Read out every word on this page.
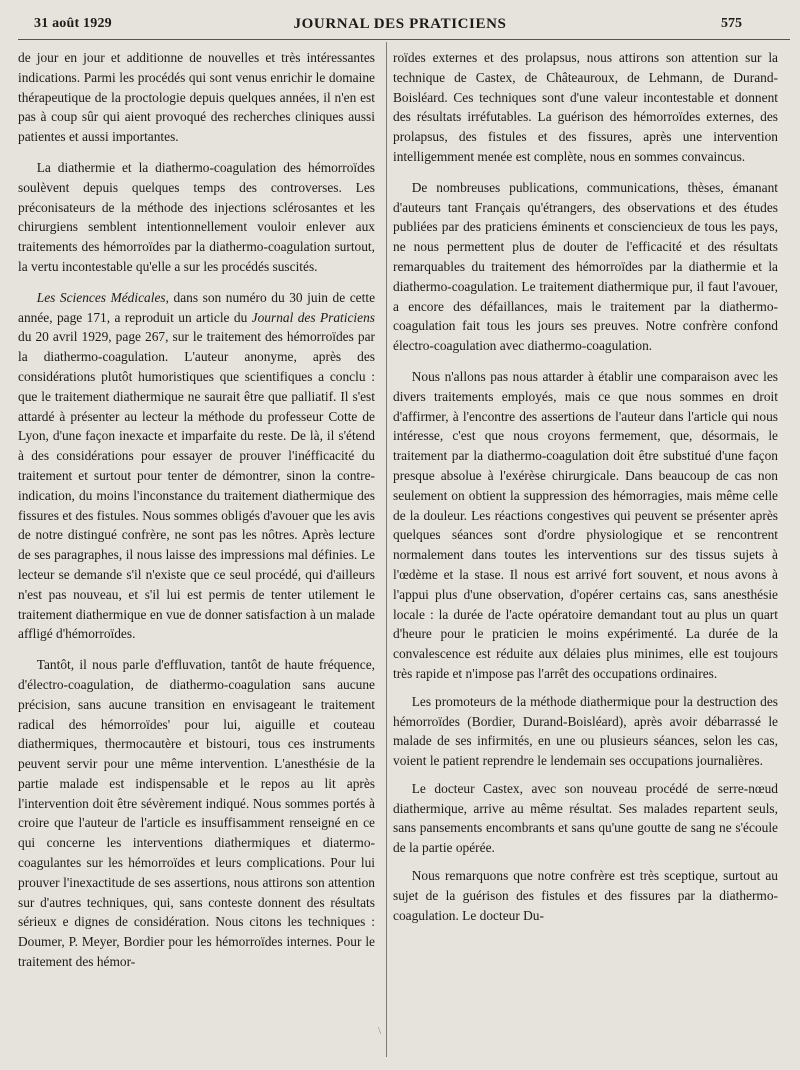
31 août 1929	JOURNAL DES PRATICIENS	575

de jour en jour et additionne de nouvelles et très intéressantes indications. Parmi les procédés qui sont venus enrichir le domaine thérapeutique de la proctologie depuis quelques années, il n'en est pas à coup sûr qui aient provoqué des recherches cliniques aussi patientes et aussi importantes.

La diathermie et la diathermo-coagulation des hémorroïdes soulèvent depuis quelques temps des controverses. Les préconisateurs de la méthode des injections sclérosantes et les chirurgiens semblent intentionnellement vouloir enlever aux traitements des hémorroïdes par la diathermo-coagulation surtout, la vertu incontestable qu'elle a sur les procédés suscités.

Les Sciences Médicales, dans son numéro du 30 juin de cette année, page 171, a reproduit un article du Journal des Praticiens du 20 avril 1929, page 267, sur le traitement des hémorroïdes par la diathermo-coagulation. L'auteur anonyme, après des considérations plutôt humoristiques que scientifiques a conclu : que le traitement diathermique ne saurait être que palliatif. Il s'est attardé à présenter au lecteur la méthode du professeur Cotte de Lyon, d'une façon inexacte et imparfaite du reste. De là, il s'étend à des considérations pour essayer de prouver l'inéfficacité du traitement et surtout pour tenter de démontrer, sinon la contre-indication, du moins l'inconstance du traitement diathermique des fissures et des fistules. Nous sommes obligés d'avouer que les avis de notre distingué confrère, ne sont pas les nôtres. Après lecture de ses paragraphes, il nous laisse des impressions mal définies. Le lecteur se demande s'il n'existe que ce seul procédé, qui d'ailleurs n'est pas nouveau, et s'il lui est permis de tenter utilement le traitement diathermique en vue de donner satisfaction à un malade affligé d'hémorroïdes.

Tantôt, il nous parle d'effluvation, tantôt de haute fréquence, d'électro-coagulation, de diathermo-coagulation sans aucune précision, sans aucune transition en envisageant le traitement radical des hémorroïdes' pour lui, aiguille et couteau diathermiques, thermocautère et bistouri, tous ces instruments peuvent servir pour une même intervention. L'anesthésie de la partie malade est indispensable et le repos au lit après l'intervention doit être sévèrement indiqué. Nous sommes portés à croire que l'auteur de l'article es insuffisamment renseigné en ce qui concerne les interventions diathermiques et diatermo-coagulantes sur les hémorroïdes et leurs complications. Pour lui prouver l'inexactitude de ses assertions, nous attirons son attention sur d'autres techniques, qui, sans conteste donnent des résultats sérieux e dignes de considération. Nous citons les techniques : Doumer, P. Meyer, Bordier pour les hémorroïdes internes. Pour le traitement des hémor-

roïdes externes et des prolapsus, nous attirons son attention sur la technique de Castex, de Châteauroux, de Lehmann, de Durand-Boisléard. Ces techniques sont d'une valeur incontestable et donnent des résultats irréfutables. La guérison des hémorroïdes externes, des prolapsus, des fistules et des fissures, après une intervention intelligemment menée est complète, nous en sommes convaincus.

De nombreuses publications, communications, thèses, émanant d'auteurs tant Français qu'étrangers, des observations et des études publiées par des praticiens éminents et consciencieux de tous les pays, ne nous permettent plus de douter de l'efficacité et des résultats remarquables du traitement des hémorroïdes par la diathermie et la diathermo-coagulation. Le traitement diathermique pur, il faut l'avouer, a encore des défaillances, mais le traitement par la diathermo-coagulation fait tous les jours ses preuves. Notre confrère confond électro-coagulation avec diathermo-coagulation.

Nous n'allons pas nous attarder à établir une comparaison avec les divers traitements employés, mais ce que nous sommes en droit d'affirmer, à l'encontre des assertions de l'auteur dans l'article qui nous intéresse, c'est que nous croyons fermement, que, désormais, le traitement par la diathermo-coagulation doit être substitué d'une façon presque absolue à l'exérèse chirurgicale. Dans beaucoup de cas non seulement on obtient la suppression des hémorragies, mais même celle de la douleur. Les réactions congestives qui peuvent se présenter après quelques séances sont d'ordre physiologique et se rencontrent normalement dans toutes les interventions sur des tissus sujets à l'œdème et la stase. Il nous est arrivé fort souvent, et nous avons à l'appui plus d'une observation, d'opérer certains cas, sans anesthésie locale : la durée de l'acte opératoire demandant tout au plus un quart d'heure pour le praticien le moins expérimenté. La durée de la convalescence est réduite aux délaies plus minimes, elle est toujours très rapide et n'impose pas l'arrêt des occupations ordinaires.

Les promoteurs de la méthode diathermique pour la destruction des hémorroïdes (Bordier, Durand-Boisléard), après avoir débarrassé le malade de ses infirmités, en une ou plusieurs séances, selon les cas, voient le patient reprendre le lendemain ses occupations journalières.

Le docteur Castex, avec son nouveau procédé de serre-nœud diathermique, arrive au même résultat. Ses malades repartent seuls, sans pansements encombrants et sans qu'une goutte de sang ne s'écoule de la partie opérée.

Nous remarquons que notre confrère est très sceptique, surtout au sujet de la guérison des fistules et des fissures par la diathermo-coagulation. Le docteur Du-

\
